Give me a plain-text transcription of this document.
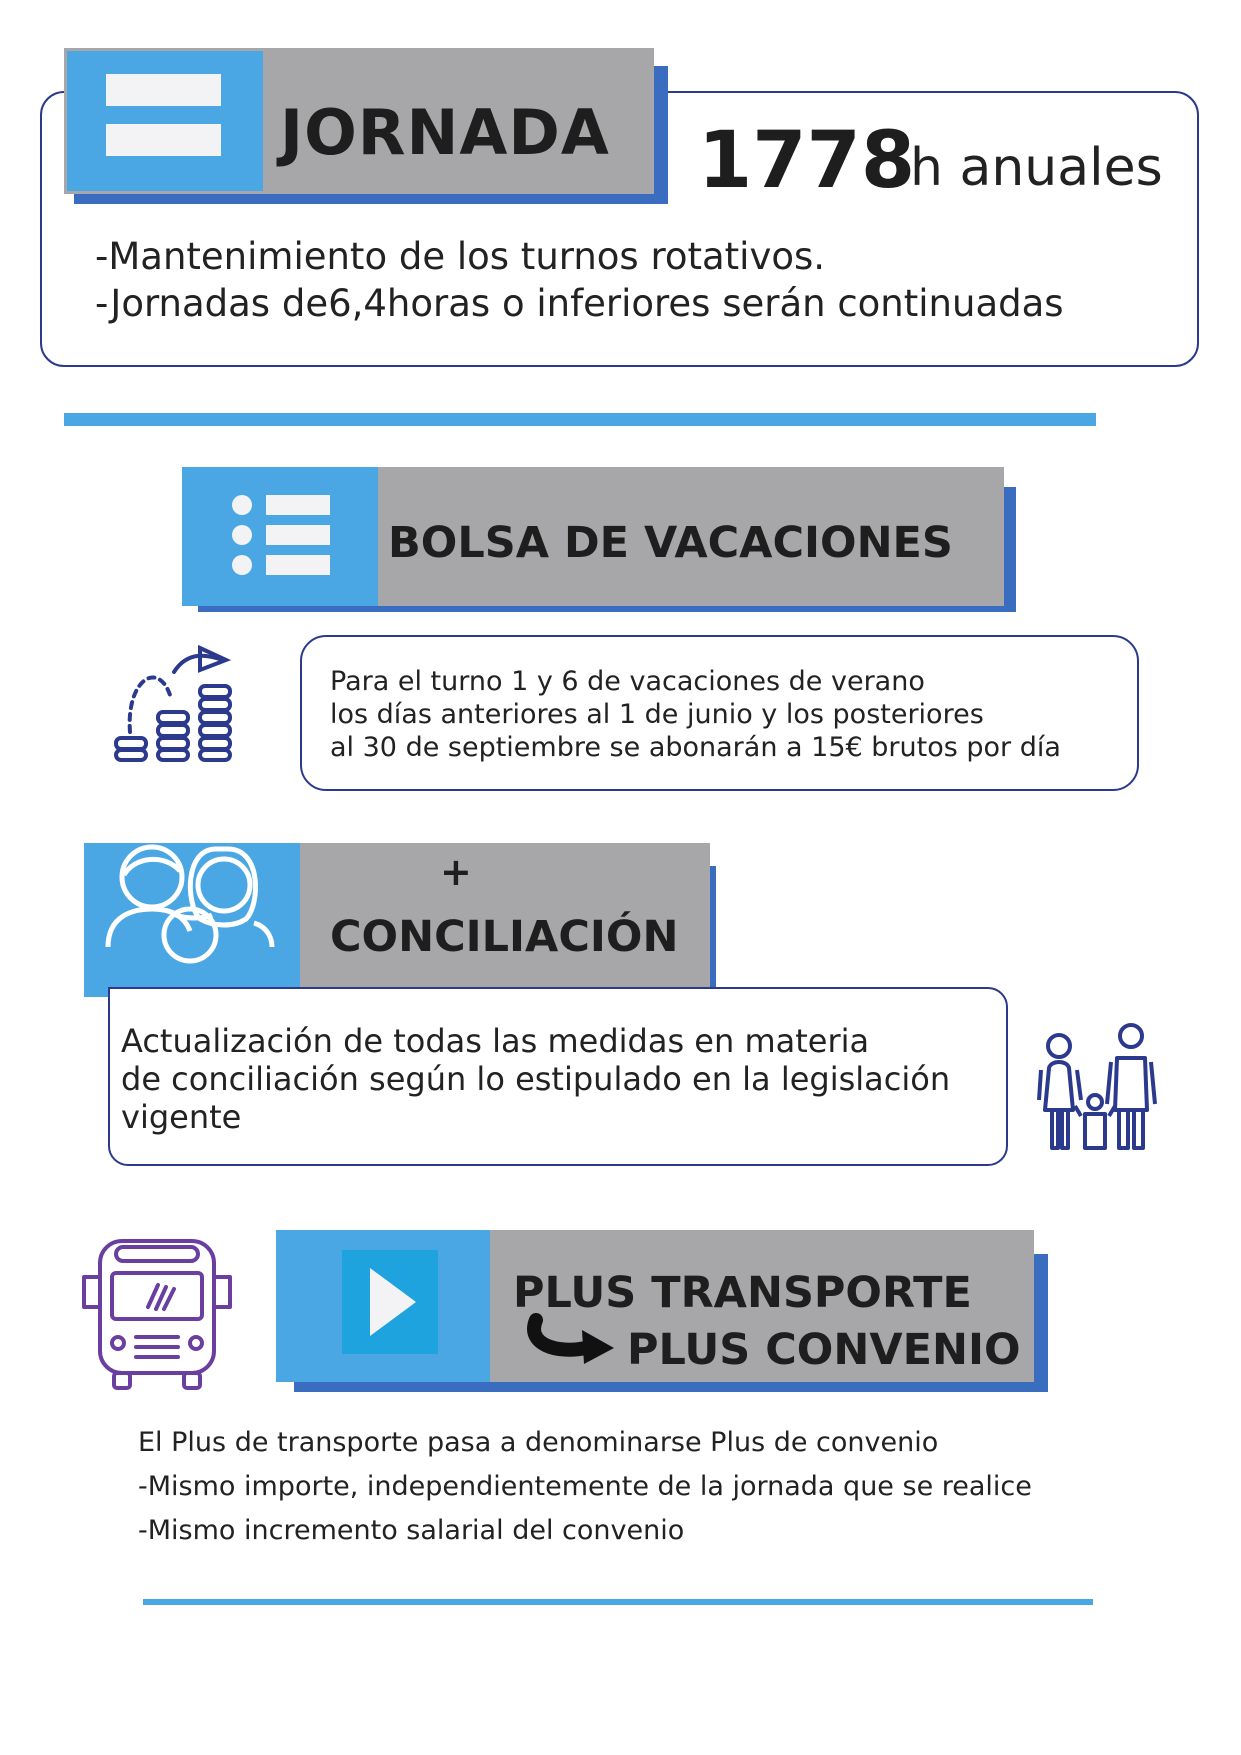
JORNADA 1778
h anuales
-Mantenimiento de los turnos rotativos.
-Jornadas de6,4horas o inferiores serán continuadas
BOLSA DE VACACIONES
Para el turno 1 y 6 de vacaciones de verano
los días anteriores al 1 de junio y los posteriores
al 30 de septiembre se abonarán a 15€ brutos por día
+
CONCILIACIÓN
Actualización de todas las medidas en materia
de conciliación según lo estipulado en la legislación
vigente
PLUS TRANSPORTE
PLUS CONVENIO
El Plus de transporte pasa a denominarse Plus de convenio
-Mismo importe, independientemente de la jornada que se realice
-Mismo incremento salarial del convenio
